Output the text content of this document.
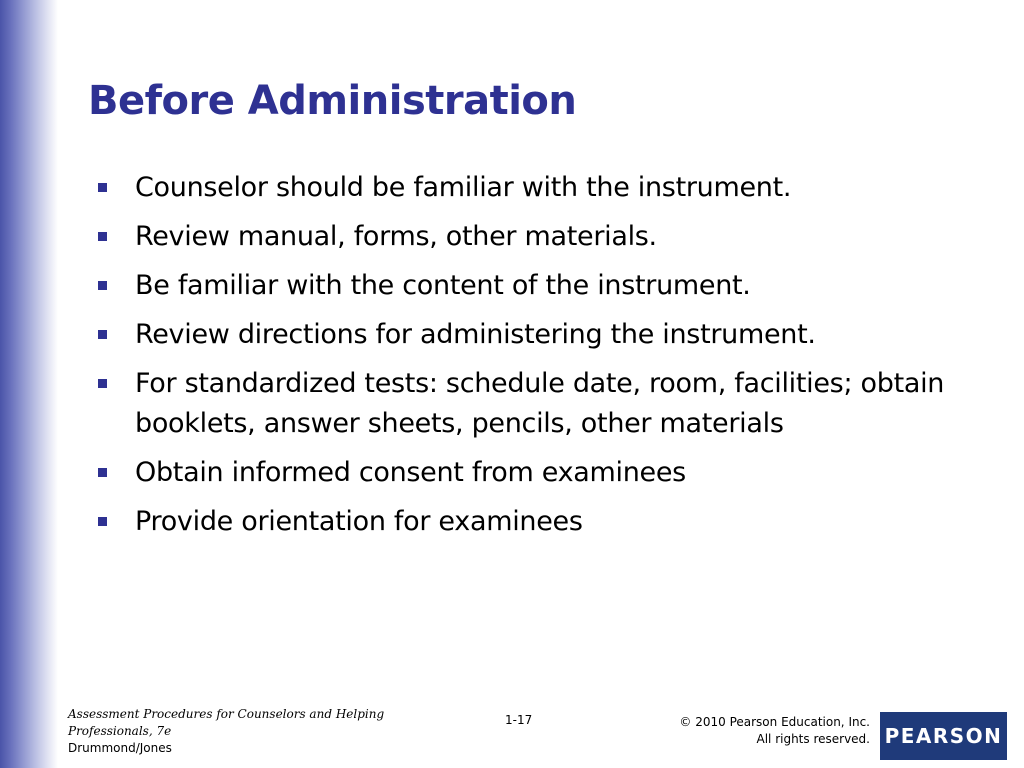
Before Administration
Counselor should be familiar with the instrument.
Review manual, forms, other materials.
Be familiar with the content of the instrument.
Review directions for administering the instrument.
For standardized tests: schedule date, room, facilities; obtain booklets, answer sheets, pencils, other materials
Obtain informed consent from examinees
Provide orientation for examinees
Assessment Procedures for Counselors and Helping Professionals, 7e
Drummond/Jones
1-17	© 2010 Pearson Education, Inc.
All rights reserved. PEARSON
